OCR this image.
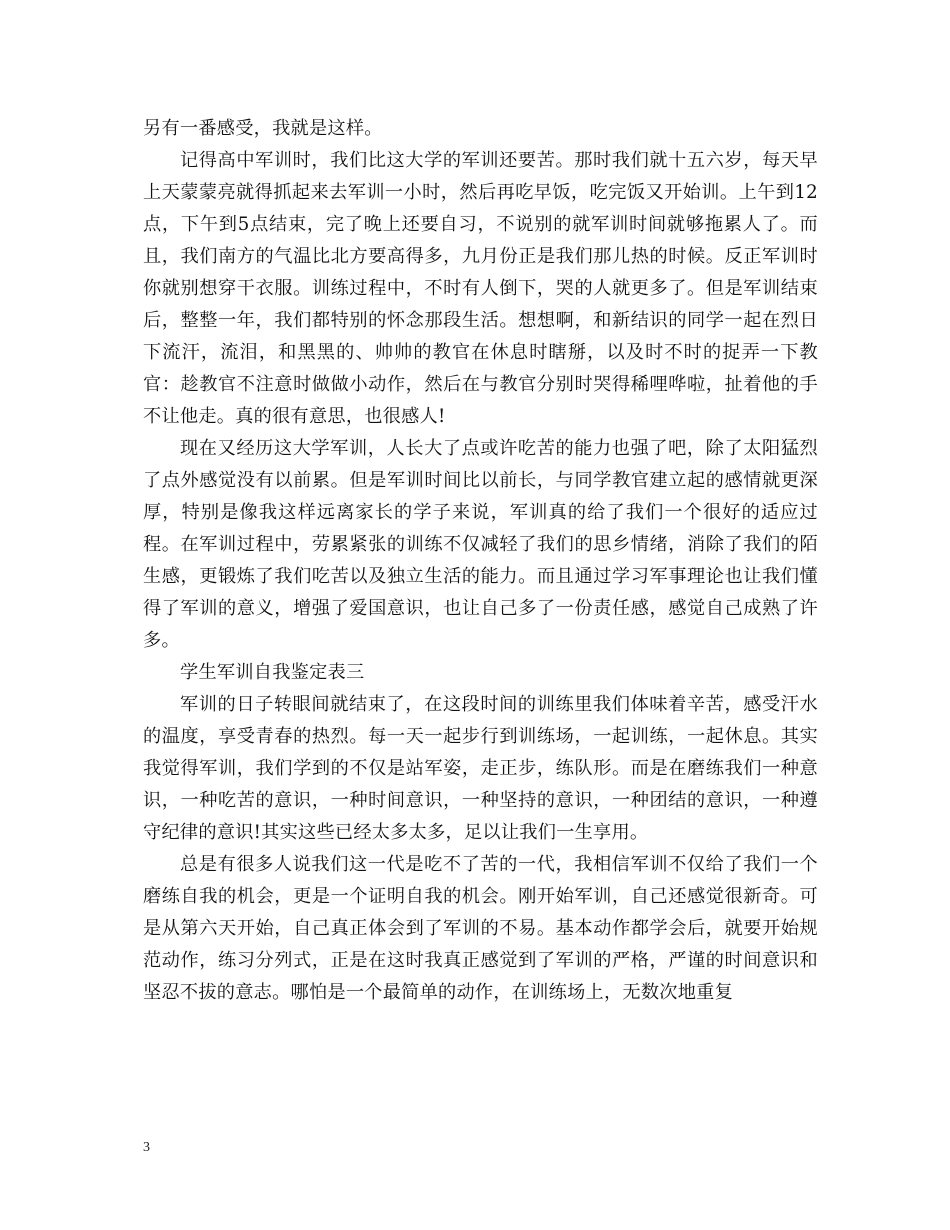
另有一番感受，我就是这样。

记得高中军训时，我们比这大学的军训还要苦。那时我们就十五六岁，每天早上天蒙蒙亮就得抓起来去军训一小时，然后再吃早饭，吃完饭又开始训。上午到12点，下午到5点结束，完了晚上还要自习，不说别的就军训时间就够拖累人了。而且，我们南方的气温比北方要高得多，九月份正是我们那儿热的时候。反正军训时你就别想穿干衣服。训练过程中，不时有人倒下，哭的人就更多了。但是军训结束后，整整一年，我们都特别的怀念那段生活。想想啊，和新结识的同学一起在烈日下流汗，流泪，和黑黑的、帅帅的教官在休息时瞎掰，以及时不时的捉弄一下教官：趁教官不注意时做做小动作，然后在与教官分别时哭得稀哩哗啦，扯着他的手不让他走。真的很有意思，也很感人!

现在又经历这大学军训，人长大了点或许吃苦的能力也强了吧，除了太阳猛烈了点外感觉没有以前累。但是军训时间比以前长，与同学教官建立起的感情就更深厚，特别是像我这样远离家长的学子来说，军训真的给了我们一个很好的适应过程。在军训过程中，劳累紧张的训练不仅减轻了我们的思乡情绪，消除了我们的陌生感，更锻炼了我们吃苦以及独立生活的能力。而且通过学习军事理论也让我们懂得了军训的意义，增强了爱国意识，也让自己多了一份责任感，感觉自己成熟了许多。

学生军训自我鉴定表三

军训的日子转眼间就结束了，在这段时间的训练里我们体味着辛苦，感受汗水的温度，享受青春的热烈。每一天一起步行到训练场，一起训练，一起休息。其实我觉得军训，我们学到的不仅是站军姿，走正步，练队形。而是在磨练我们一种意识，一种吃苦的意识，一种时间意识，一种坚持的意识，一种团结的意识，一种遵守纪律的意识!其实这些已经太多太多，足以让我们一生享用。

总是有很多人说我们这一代是吃不了苦的一代，我相信军训不仅给了我们一个磨练自我的机会，更是一个证明自我的机会。刚开始军训，自己还感觉很新奇。可是从第六天开始，自己真正体会到了军训的不易。基本动作都学会后，就要开始规范动作，练习分列式，正是在这时我真正感觉到了军训的严格，严谨的时间意识和坚忍不拔的意志。哪怕是一个最简单的动作，在训练场上，无数次地重复

3
